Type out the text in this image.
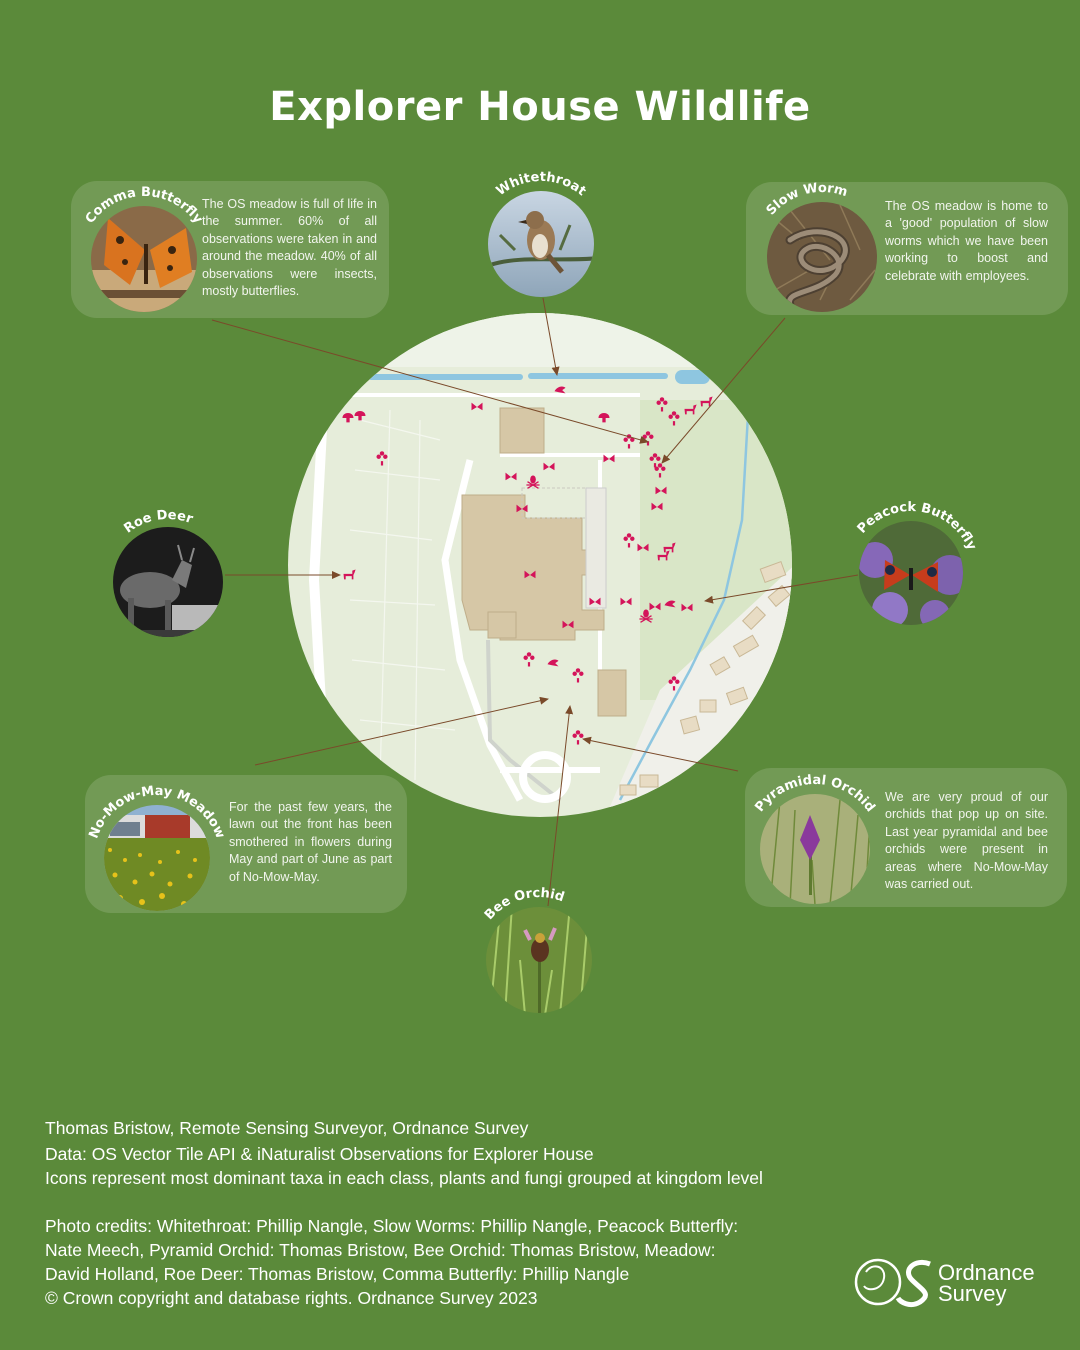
Explorer House Wildlife
The OS meadow is full of life in the summer. 60% of all observations were taken in and around the meadow. 40% of all observations were insects, mostly butterflies.
The OS meadow is home to a 'good' population of slow worms which we have been working to boost and celebrate with employees.
For the past few years, the lawn out the front has been smothered in flowers during May and part of June as part of No-Mow-May.
We are very proud of our orchids that pop up on site. Last year pyramidal and bee orchids were present in areas where No-Mow-May was carried out.
Comma Butterfly
Whitethroat
Slow Worm
Roe Deer
Peacock Butterfly
No-Mow-May Meadow
Pyramidal Orchid
Bee Orchid

Thomas Bristow, Remote Sensing Surveyor, Ordnance Survey

Data: OS Vector Tile API & iNaturalist Observations for Explorer House

Icons represent most dominant taxa in each class, plants and fungi grouped at kingdom level

Photo credits: Whitethroat: Phillip Nangle, Slow Worms: Phillip Nangle, Peacock Butterfly:

Nate Meech, Pyramid Orchid: Thomas Bristow, Bee Orchid: Thomas Bristow, Meadow:

David Holland, Roe Deer: Thomas Bristow, Comma Butterfly: Phillip Nangle

© Crown copyright and database rights. Ordnance Survey 2023

Ordnance
Survey
